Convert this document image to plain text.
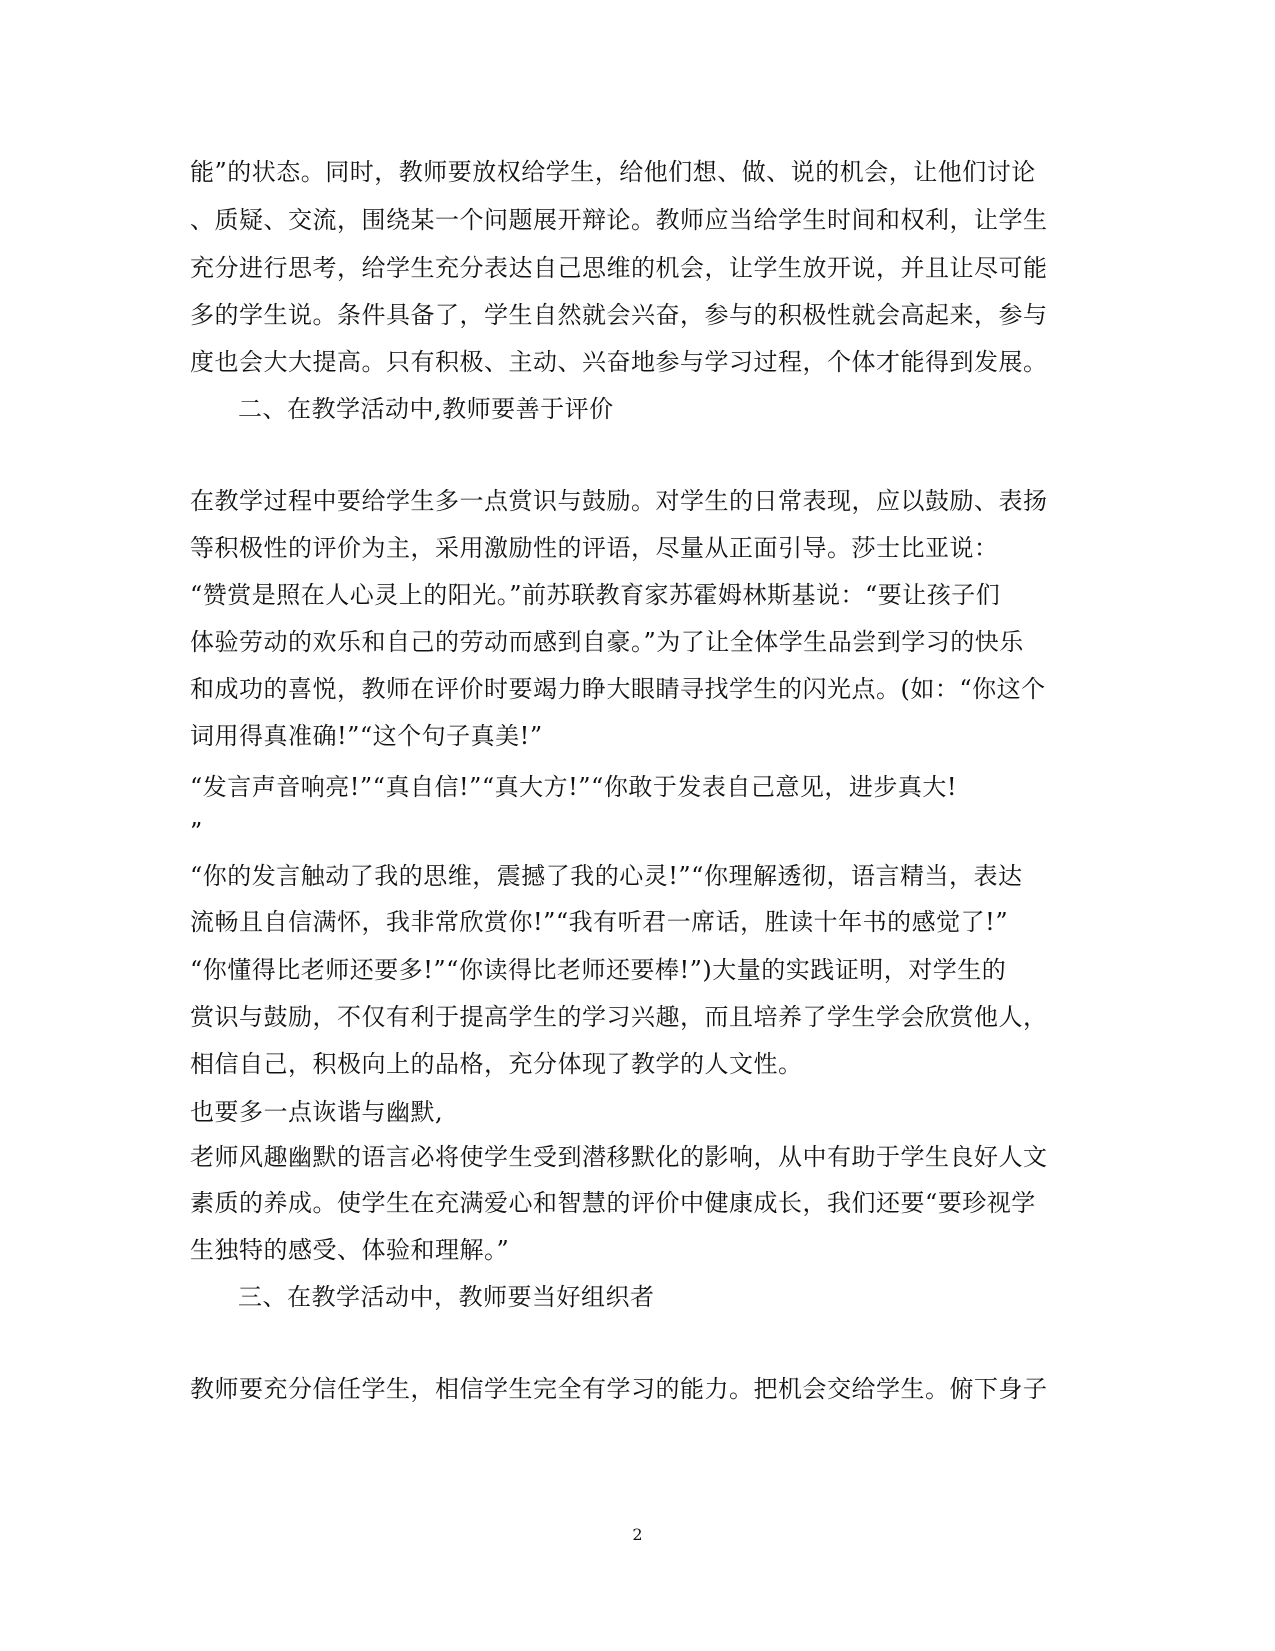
能”的状态。同时，教师要放权给学生，给他们想、做、说的机会，让他们讨论
、质疑、交流，围绕某一个问题展开辩论。教师应当给学生时间和权利，让学生
充分进行思考，给学生充分表达自己思维的机会，让学生放开说，并且让尽可能
多的学生说。条件具备了，学生自然就会兴奋，参与的积极性就会高起来，参与
度也会大大提高。只有积极、主动、兴奋地参与学习过程，个体才能得到发展。
二、在教学活动中,教师要善于评价
在教学过程中要给学生多一点赏识与鼓励。对学生的日常表现，应以鼓励、表扬
等积极性的评价为主，采用激励性的评语，尽量从正面引导。莎士比亚说：
“赞赏是照在人心灵上的阳光。”前苏联教育家苏霍姆林斯基说：“要让孩子们
体验劳动的欢乐和自己的劳动而感到自豪。”为了让全体学生品尝到学习的快乐
和成功的喜悦，教师在评价时要竭力睁大眼睛寻找学生的闪光点。(如：“你这个
词用得真准确!”“这个句子真美!”
“发言声音响亮!”“真自信!”“真大方!”“你敢于发表自己意见，进步真大!
”
“你的发言触动了我的思维，震撼了我的心灵!”“你理解透彻，语言精当，表达
流畅且自信满怀，我非常欣赏你!”“我有听君一席话，胜读十年书的感觉了!”
“你懂得比老师还要多!”“你读得比老师还要棒!”)大量的实践证明，对学生的
赏识与鼓励，不仅有利于提高学生的学习兴趣，而且培养了学生学会欣赏他人，
相信自己，积极向上的品格，充分体现了教学的人文性。
也要多一点诙谐与幽默,
老师风趣幽默的语言必将使学生受到潜移默化的影响，从中有助于学生良好人文
素质的养成。使学生在充满爱心和智慧的评价中健康成长，我们还要“要珍视学
生独特的感受、体验和理解。”
三、在教学活动中，教师要当好组织者
教师要充分信任学生，相信学生完全有学习的能力。把机会交给学生。俯下身子
2
